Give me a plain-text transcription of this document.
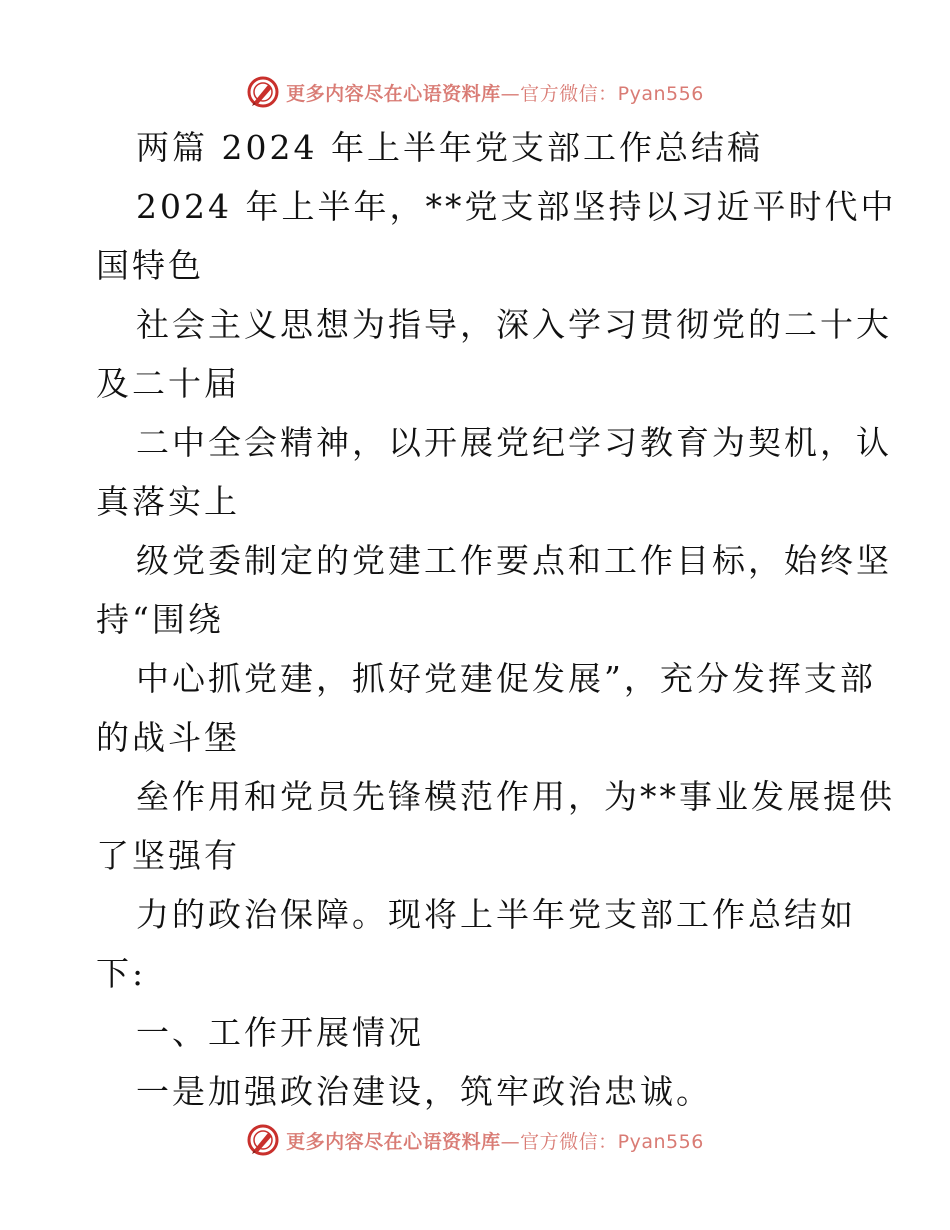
更多内容尽在心语资料库—官方微信：Pyan556
两篇 2024 年上半年党支部工作总结稿
2024 年上半年，**党支部坚持以习近平时代中
国特色
社会主义思想为指导，深入学习贯彻党的二十大
及二十届
二中全会精神，以开展党纪学习教育为契机，认
真落实上
级党委制定的党建工作要点和工作目标，始终坚
持“围绕
中心抓党建，抓好党建促发展”，充分发挥支部
的战斗堡
垒作用和党员先锋模范作用，为**事业发展提供
了坚强有
力的政治保障。现将上半年党支部工作总结如
下:
一、工作开展情况
一是加强政治建设，筑牢政治忠诚。
更多内容尽在心语资料库—官方微信：Pyan556
